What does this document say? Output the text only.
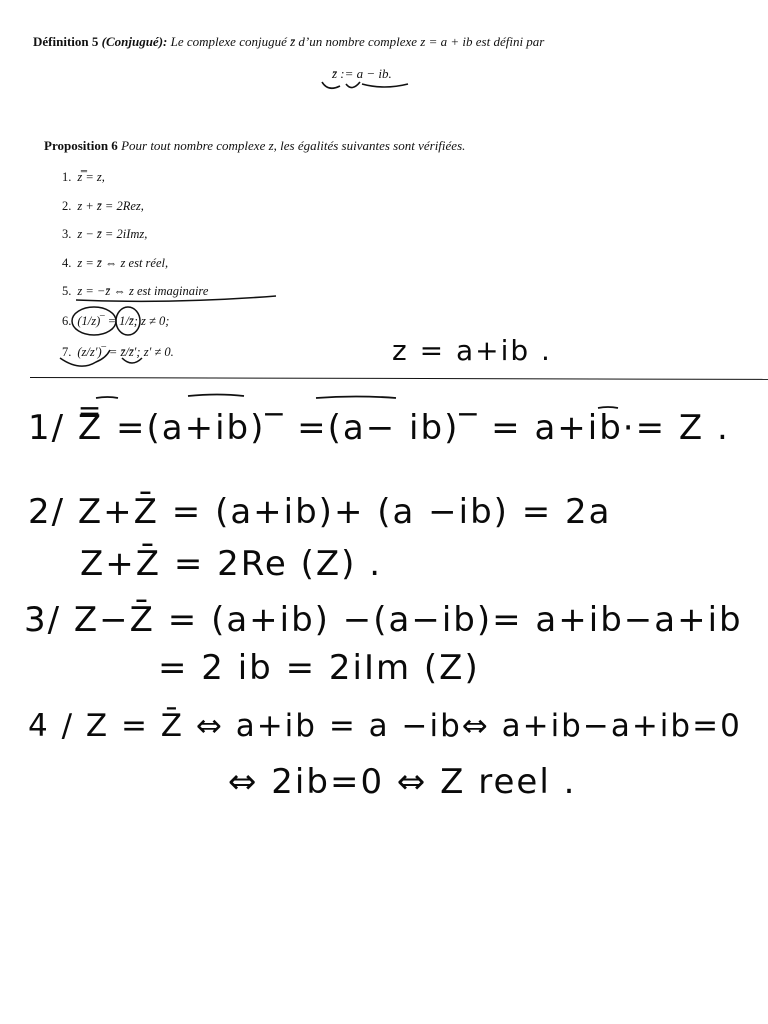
Définition 5 (Conjugué): Le complexe conjugué z̄ d’un nombre complexe z = a + ib est défini par
z̄ := a − ib.
Proposition 6 Pour tout nombre complexe z, les égalités suivantes sont vérifiées.
1. z̿ = z,
2. z + z̄ = 2Rez,
3. z − z̄ = 2iImz,
4. z = z̄ ⇔ z est réel,
5. z = −z̄ ⇔ z est imaginaire
6. (1/z)‾ = 1/z̄; z ≠ 0;
7. (z/z′)‾ = z̄/z̄′; z′ ≠ 0.	z = a+ib .
1/ Z̿ =(a+ib)‾ =(a− ib)‾ = a+ib·= Z .
2/ Z+Z̄ = (a+ib)+ (a −ib) = 2a
Z+Z̄ = 2Re (Z) .
3/ Z−Z̄ = (a+ib) −(a−ib)= a+ib−a+ib
= 2 ib = 2iIm (Z)
4 / Z = Z̄ ⇔ a+ib = a −ib⇔ a+ib−a+ib=0
⇔ 2ib=0 ⇔ Z reel .
